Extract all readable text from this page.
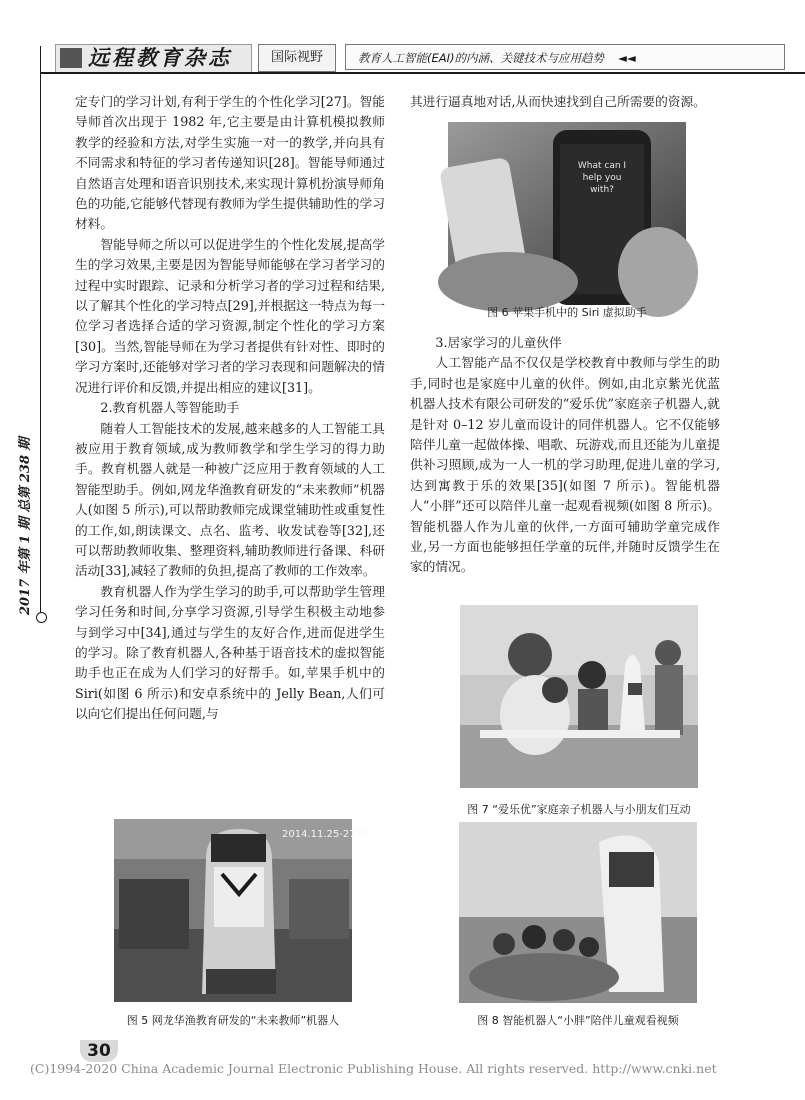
远程教育杂志	国际视野	教育人工智能(EAI)的内涵、关键技术与应用趋势 ◄◄
2017 年第 1 期 总第 238 期

定专门的学习计划,有利于学生的个性化学习[27]。智能导师首次出现于 1982 年,它主要是由计算机模拟教师教学的经验和方法,对学生实施一对一的教学,并向具有不同需求和特征的学习者传递知识[28]。智能导师通过自然语言处理和语音识别技术,来实现计算机扮演导师角色的功能,它能够代替现有教师为学生提供辅助性的学习材料。

智能导师之所以可以促进学生的个性化发展,提高学生的学习效果,主要是因为智能导师能够在学习者学习的过程中实时跟踪、记录和分析学习者的学习过程和结果,以了解其个性化的学习特点[29],并根据这一特点为每一位学习者选择合适的学习资源,制定个性化的学习方案[30]。当然,智能导师在为学习者提供有针对性、即时的学习方案时,还能够对学习者的学习表现和问题解决的情况进行评价和反馈,并提出相应的建议[31]。

2.教育机器人等智能助手

随着人工智能技术的发展,越来越多的人工智能工具被应用于教育领域,成为教师教学和学生学习的得力助手。教育机器人就是一种被广泛应用于教育领域的人工智能型助手。例如,网龙华渔教育研发的“未来教师”机器人(如图 5 所示),可以帮助教师完成课堂辅助性或重复性的工作,如,朗读课文、点名、监考、收发试卷等[32],还可以帮助教师收集、整理资料,辅助教师进行备课、科研活动[33],减轻了教师的负担,提高了教师的工作效率。

教育机器人作为学生学习的助手,可以帮助学生管理学习任务和时间,分享学习资源,引导学生积极主动地参与到学习中[34],通过与学生的友好合作,进而促进学生的学习。除了教育机器人,各种基于语音技术的虚拟智能助手也正在成为人们学习的好帮手。如,苹果手机中的 Siri(如图 6 所示)和安卓系统中的 Jelly Bean,人们可以向它们提出任何问题,与

其进行逼真地对话,从而快速找到自己所需要的资源。

What can I help you with?
图 6 苹果手机中的 Siri 虚拟助手

3.居家学习的儿童伙伴

人工智能产品不仅仅是学校教育中教师与学生的助手,同时也是家庭中儿童的伙伴。例如,由北京紫光优蓝机器人技术有限公司研发的“爱乐优”家庭亲子机器人,就是针对 0–12 岁儿童而设计的同伴机器人。它不仅能够陪伴儿童一起做体操、唱歌、玩游戏,而且还能为儿童提供补习照顾,成为一人一机的学习助理,促进儿童的学习,达到寓教于乐的效果[35](如图 7 所示)。智能机器人“小胖”还可以陪伴儿童一起观看视频(如图 8 所示)。智能机器人作为儿童的伙伴,一方面可辅助学童完成作业,另一方面也能够担任学童的玩伴,并随时反馈学生在家的情况。

图 7 “爱乐优”家庭亲子机器人与小朋友们互动
2014.11.25-27 中
图 5 网龙华渔教育研发的“未来教师”机器人	图 8 智能机器人“小胖”陪伴儿童观看视频
30
(C)1994-2020 China Academic Journal Electronic Publishing House. All rights reserved. http://www.cnki.net
